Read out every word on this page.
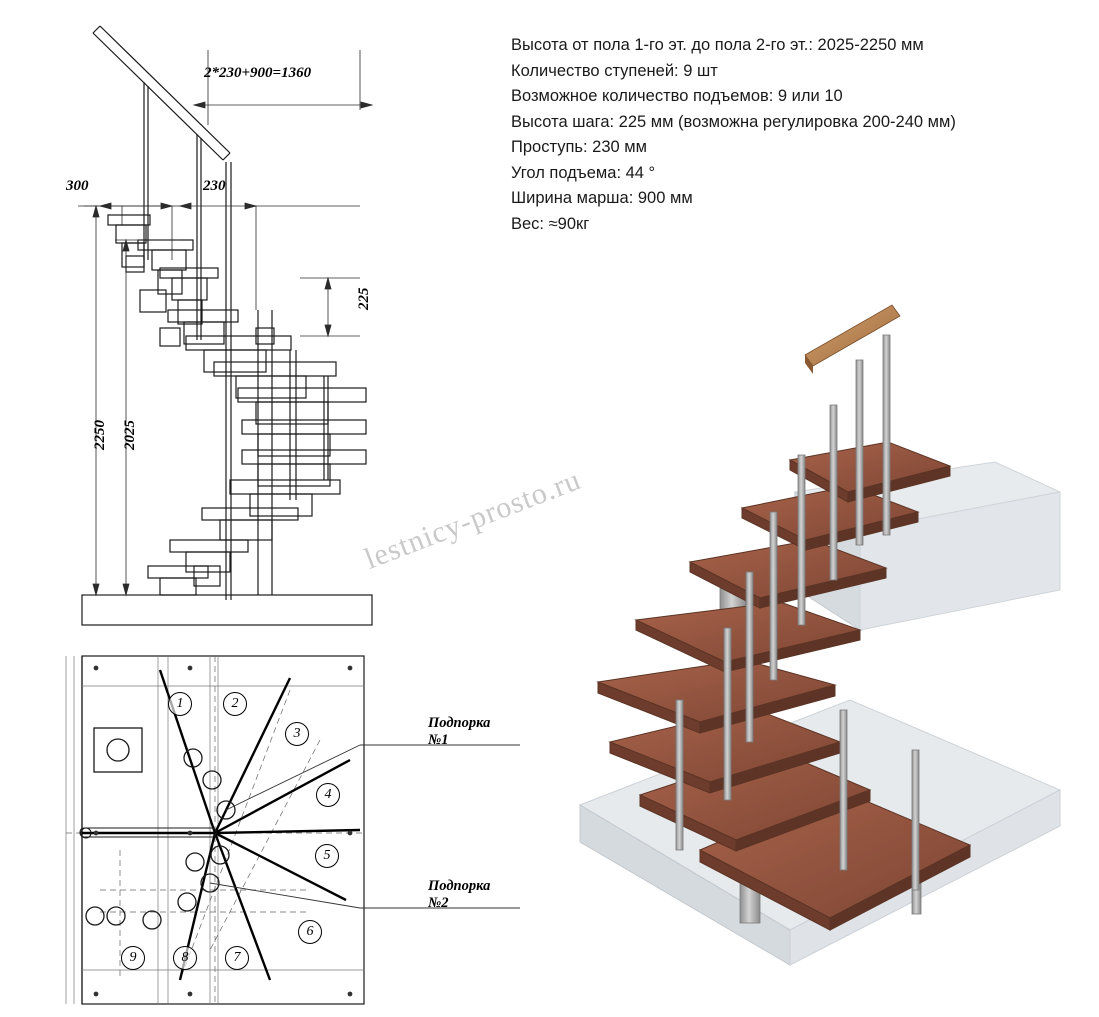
Высота от пола 1-го эт. до пола 2-го эт.: 2025-2250 мм
Количество ступеней: 9 шт
Возможное количество подъемов: 9 или 10
Высота шага: 225 мм (возможна регулировка 200-240 мм)
Проступь: 230 мм
Угол подъема: 44 °
Ширина марша: 900 мм
Вес: ≈90кг
2*230+900=1360
300	230
225
2250 2025
Подпорка
№1
Подпорка
№2
1	2
3
4
5
6
7
8
9
lestnicy-prosto.ru
